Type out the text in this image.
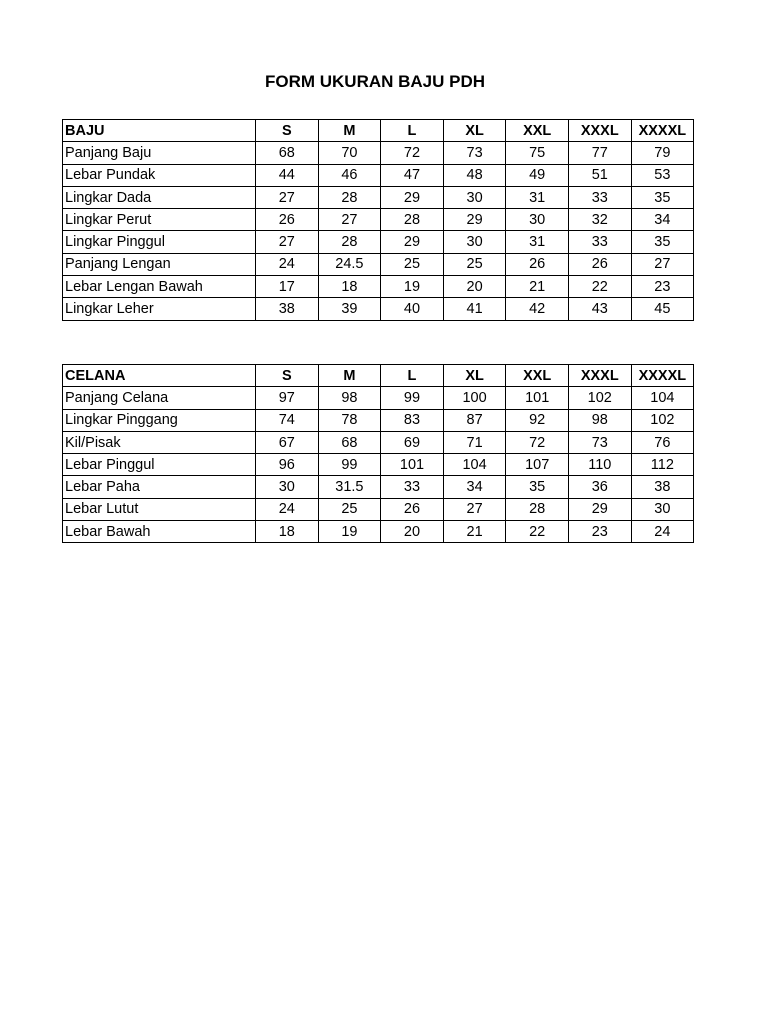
FORM UKURAN BAJU PDH
BAJU	S	M	L	XL	XXL	XXXL	XXXXL
Panjang Baju	68	70	72	73	75	77	79
Lebar Pundak	44	46	47	48	49	51	53
Lingkar Dada	27	28	29	30	31	33	35
Lingkar Perut	26	27	28	29	30	32	34
Lingkar Pinggul	27	28	29	30	31	33	35
Panjang Lengan	24	24.5	25	25	26	26	27
Lebar Lengan Bawah	17	18	19	20	21	22	23
Lingkar Leher	38	39	40	41	42	43	45
CELANA	S	M	L	XL	XXL	XXXL	XXXXL
Panjang Celana	97	98	99	100	101	102	104
Lingkar Pinggang	74	78	83	87	92	98	102
Kil/Pisak	67	68	69	71	72	73	76
Lebar Pinggul	96	99	101	104	107	110	112
Lebar Paha	30	31.5	33	34	35	36	38
Lebar Lutut	24	25	26	27	28	29	30
Lebar Bawah	18	19	20	21	22	23	24
